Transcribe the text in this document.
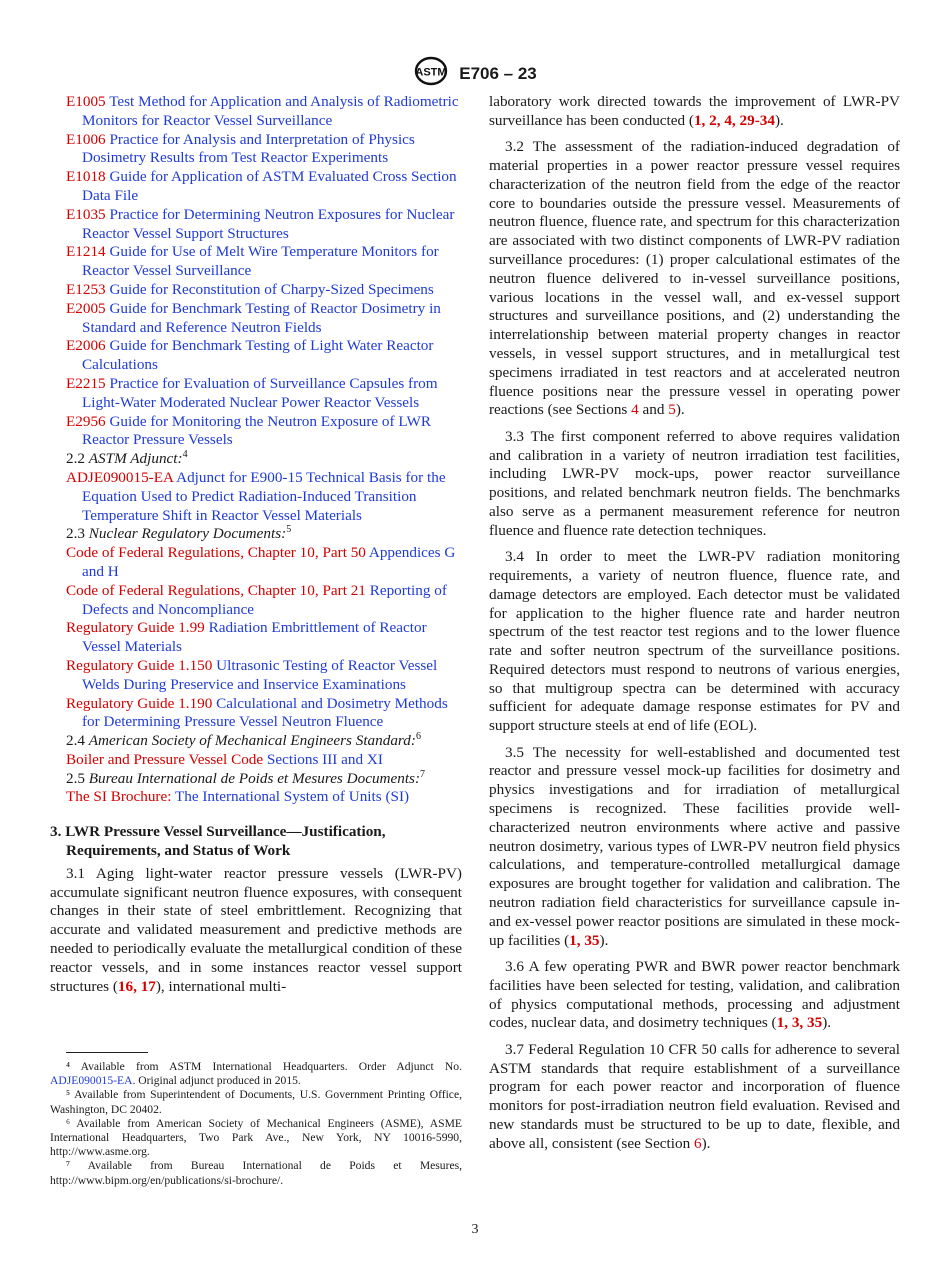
ASTM E706 – 23
E1005 Test Method for Application and Analysis of Radiometric Monitors for Reactor Vessel Surveillance
E1006 Practice for Analysis and Interpretation of Physics Dosimetry Results from Test Reactor Experiments
E1018 Guide for Application of ASTM Evaluated Cross Section Data File
E1035 Practice for Determining Neutron Exposures for Nuclear Reactor Vessel Support Structures
E1214 Guide for Use of Melt Wire Temperature Monitors for Reactor Vessel Surveillance
E1253 Guide for Reconstitution of Charpy-Sized Specimens
E2005 Guide for Benchmark Testing of Reactor Dosimetry in Standard and Reference Neutron Fields
E2006 Guide for Benchmark Testing of Light Water Reactor Calculations
E2215 Practice for Evaluation of Surveillance Capsules from Light-Water Moderated Nuclear Power Reactor Vessels
E2956 Guide for Monitoring the Neutron Exposure of LWR Reactor Pressure Vessels
2.2 ASTM Adjunct:$^4$
ADJE090015-EA Adjunct for E900-15 Technical Basis for the Equation Used to Predict Radiation-Induced Transition Temperature Shift in Reactor Vessel Materials
2.3 Nuclear Regulatory Documents:$^5$
Code of Federal Regulations, Chapter 10, Part 50 Appendices G and H
Code of Federal Regulations, Chapter 10, Part 21 Reporting of Defects and Noncompliance
Regulatory Guide 1.99 Radiation Embrittlement of Reactor Vessel Materials
Regulatory Guide 1.150 Ultrasonic Testing of Reactor Vessel Welds During Preservice and Inservice Examinations
Regulatory Guide 1.190 Calculational and Dosimetry Methods for Determining Pressure Vessel Neutron Fluence
2.4 American Society of Mechanical Engineers Standard:$^6$
Boiler and Pressure Vessel Code Sections III and XI
2.5 Bureau International de Poids et Mesures Documents:$^7$
The SI Brochure: The International System of Units (SI)
3. LWR Pressure Vessel Surveillance—Justification, Requirements, and Status of Work

3.1 Aging light-water reactor pressure vessels (LWR-PV) accumulate significant neutron fluence exposures, with consequent changes in their state of steel embrittlement. Recognizing that accurate and validated measurement and predictive methods are needed to periodically evaluate the metallurgical condition of these reactor vessels, and in some instances reactor vessel support structures (16, 17), international multi-

laboratory work directed towards the improvement of LWR-PV surveillance has been conducted (1, 2, 4, 29-34).

3.2 The assessment of the radiation-induced degradation of material properties in a power reactor pressure vessel requires characterization of the neutron field from the edge of the reactor core to boundaries outside the pressure vessel. Measurements of neutron fluence, fluence rate, and spectrum for this characterization are associated with two distinct components of LWR-PV radiation surveillance procedures: (1) proper calculational estimates of the neutron fluence delivered to in-vessel surveillance positions, various locations in the vessel wall, and ex-vessel support structures and surveillance positions, and (2) understanding the interrelationship between material property changes in reactor vessels, in vessel support structures, and in metallurgical test specimens irradiated in test reactors and at accelerated neutron fluence positions near the pressure vessel in operating power reactions (see Sections 4 and 5).

3.3 The first component referred to above requires validation and calibration in a variety of neutron irradiation test facilities, including LWR-PV mock-ups, power reactor surveillance positions, and related benchmark neutron fields. The benchmarks also serve as a permanent measurement reference for neutron fluence and fluence rate detection techniques.

3.4 In order to meet the LWR-PV radiation monitoring requirements, a variety of neutron fluence, fluence rate, and damage detectors are employed. Each detector must be validated for application to the higher fluence rate and harder neutron spectrum of the test reactor test regions and to the lower fluence rate and softer neutron spectrum of the surveillance positions. Required detectors must respond to neutrons of various energies, so that multigroup spectra can be determined with accuracy sufficient for adequate damage response estimates for PV and support structure steels at end of life (EOL).

3.5 The necessity for well-established and documented test reactor and pressure vessel mock-up facilities for dosimetry and physics investigations and for irradiation of metallurgical specimens is recognized. These facilities provide well-characterized neutron environments where active and passive neutron dosimetry, various types of LWR-PV neutron field physics calculations, and temperature-controlled metallurgical damage exposures are brought together for validation and calibration. The neutron radiation field characteristics for surveillance capsule in- and ex-vessel power reactor positions are simulated in these mock-up facilities (1, 35).

3.6 A few operating PWR and BWR power reactor benchmark facilities have been selected for testing, validation, and calibration of physics computational methods, processing and adjustment codes, nuclear data, and dosimetry techniques (1, 3, 35).

3.7 Federal Regulation 10 CFR 50 calls for adherence to several ASTM standards that require establishment of a surveillance program for each power reactor and incorporation of fluence monitors for post-irradiation neutron field evaluation. Revised and new standards must be structured to be up to date, flexible, and above all, consistent (see Section 6).

⁴ Available from ASTM International Headquarters. Order Adjunct No. ADJE090015-EA. Original adjunct produced in 2015.
⁵ Available from Superintendent of Documents, U.S. Government Printing Office, Washington, DC 20402.
⁶ Available from American Society of Mechanical Engineers (ASME), ASME International Headquarters, Two Park Ave., New York, NY 10016-5990, http://www.asme.org.
⁷ Available from Bureau International de Poids et Mesures, http://www.bipm.org/en/publications/si-brochure/.
3
